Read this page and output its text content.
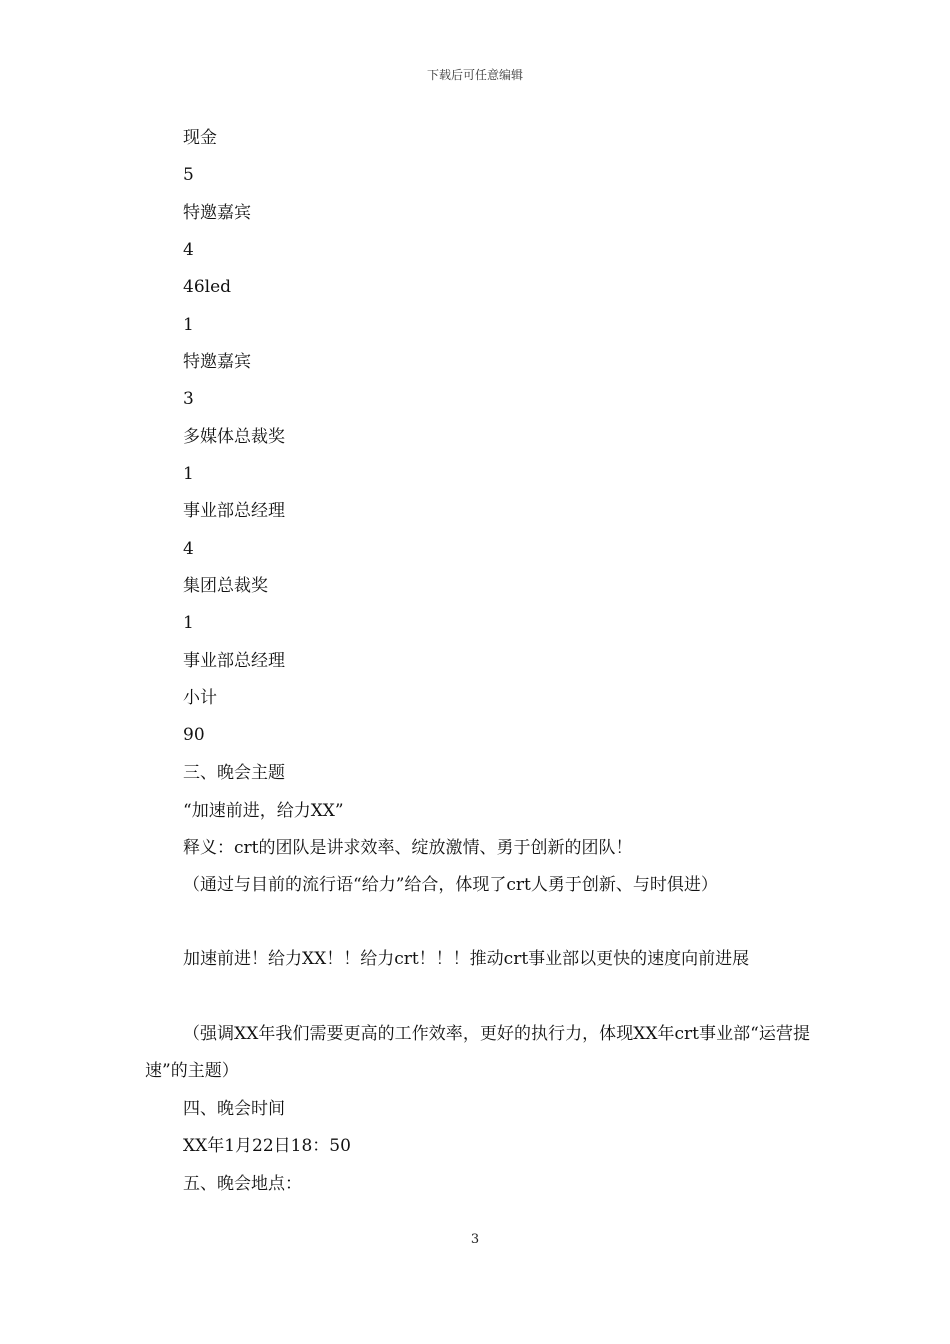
下载后可任意编辑
现金
5
特邀嘉宾
4
46led
1
特邀嘉宾
3
多媒体总裁奖
1
事业部总经理
4
集团总裁奖
1
事业部总经理
小计
90
三、晚会主题
“加速前进，给力XX”
释义：crt的团队是讲求效率、绽放激情、勇于创新的团队！
（通过与目前的流行语“给力”给合，体现了crt人勇于创新、与时俱进）
加速前进！给力XX！！给力crt！！！推动crt事业部以更快的速度向前进展
（强调XX年我们需要更高的工作效率，更好的执行力，体现XX年crt事业部“运营提速”的主题）
四、晚会时间
XX年1月22日18：50
五、晚会地点：
3
